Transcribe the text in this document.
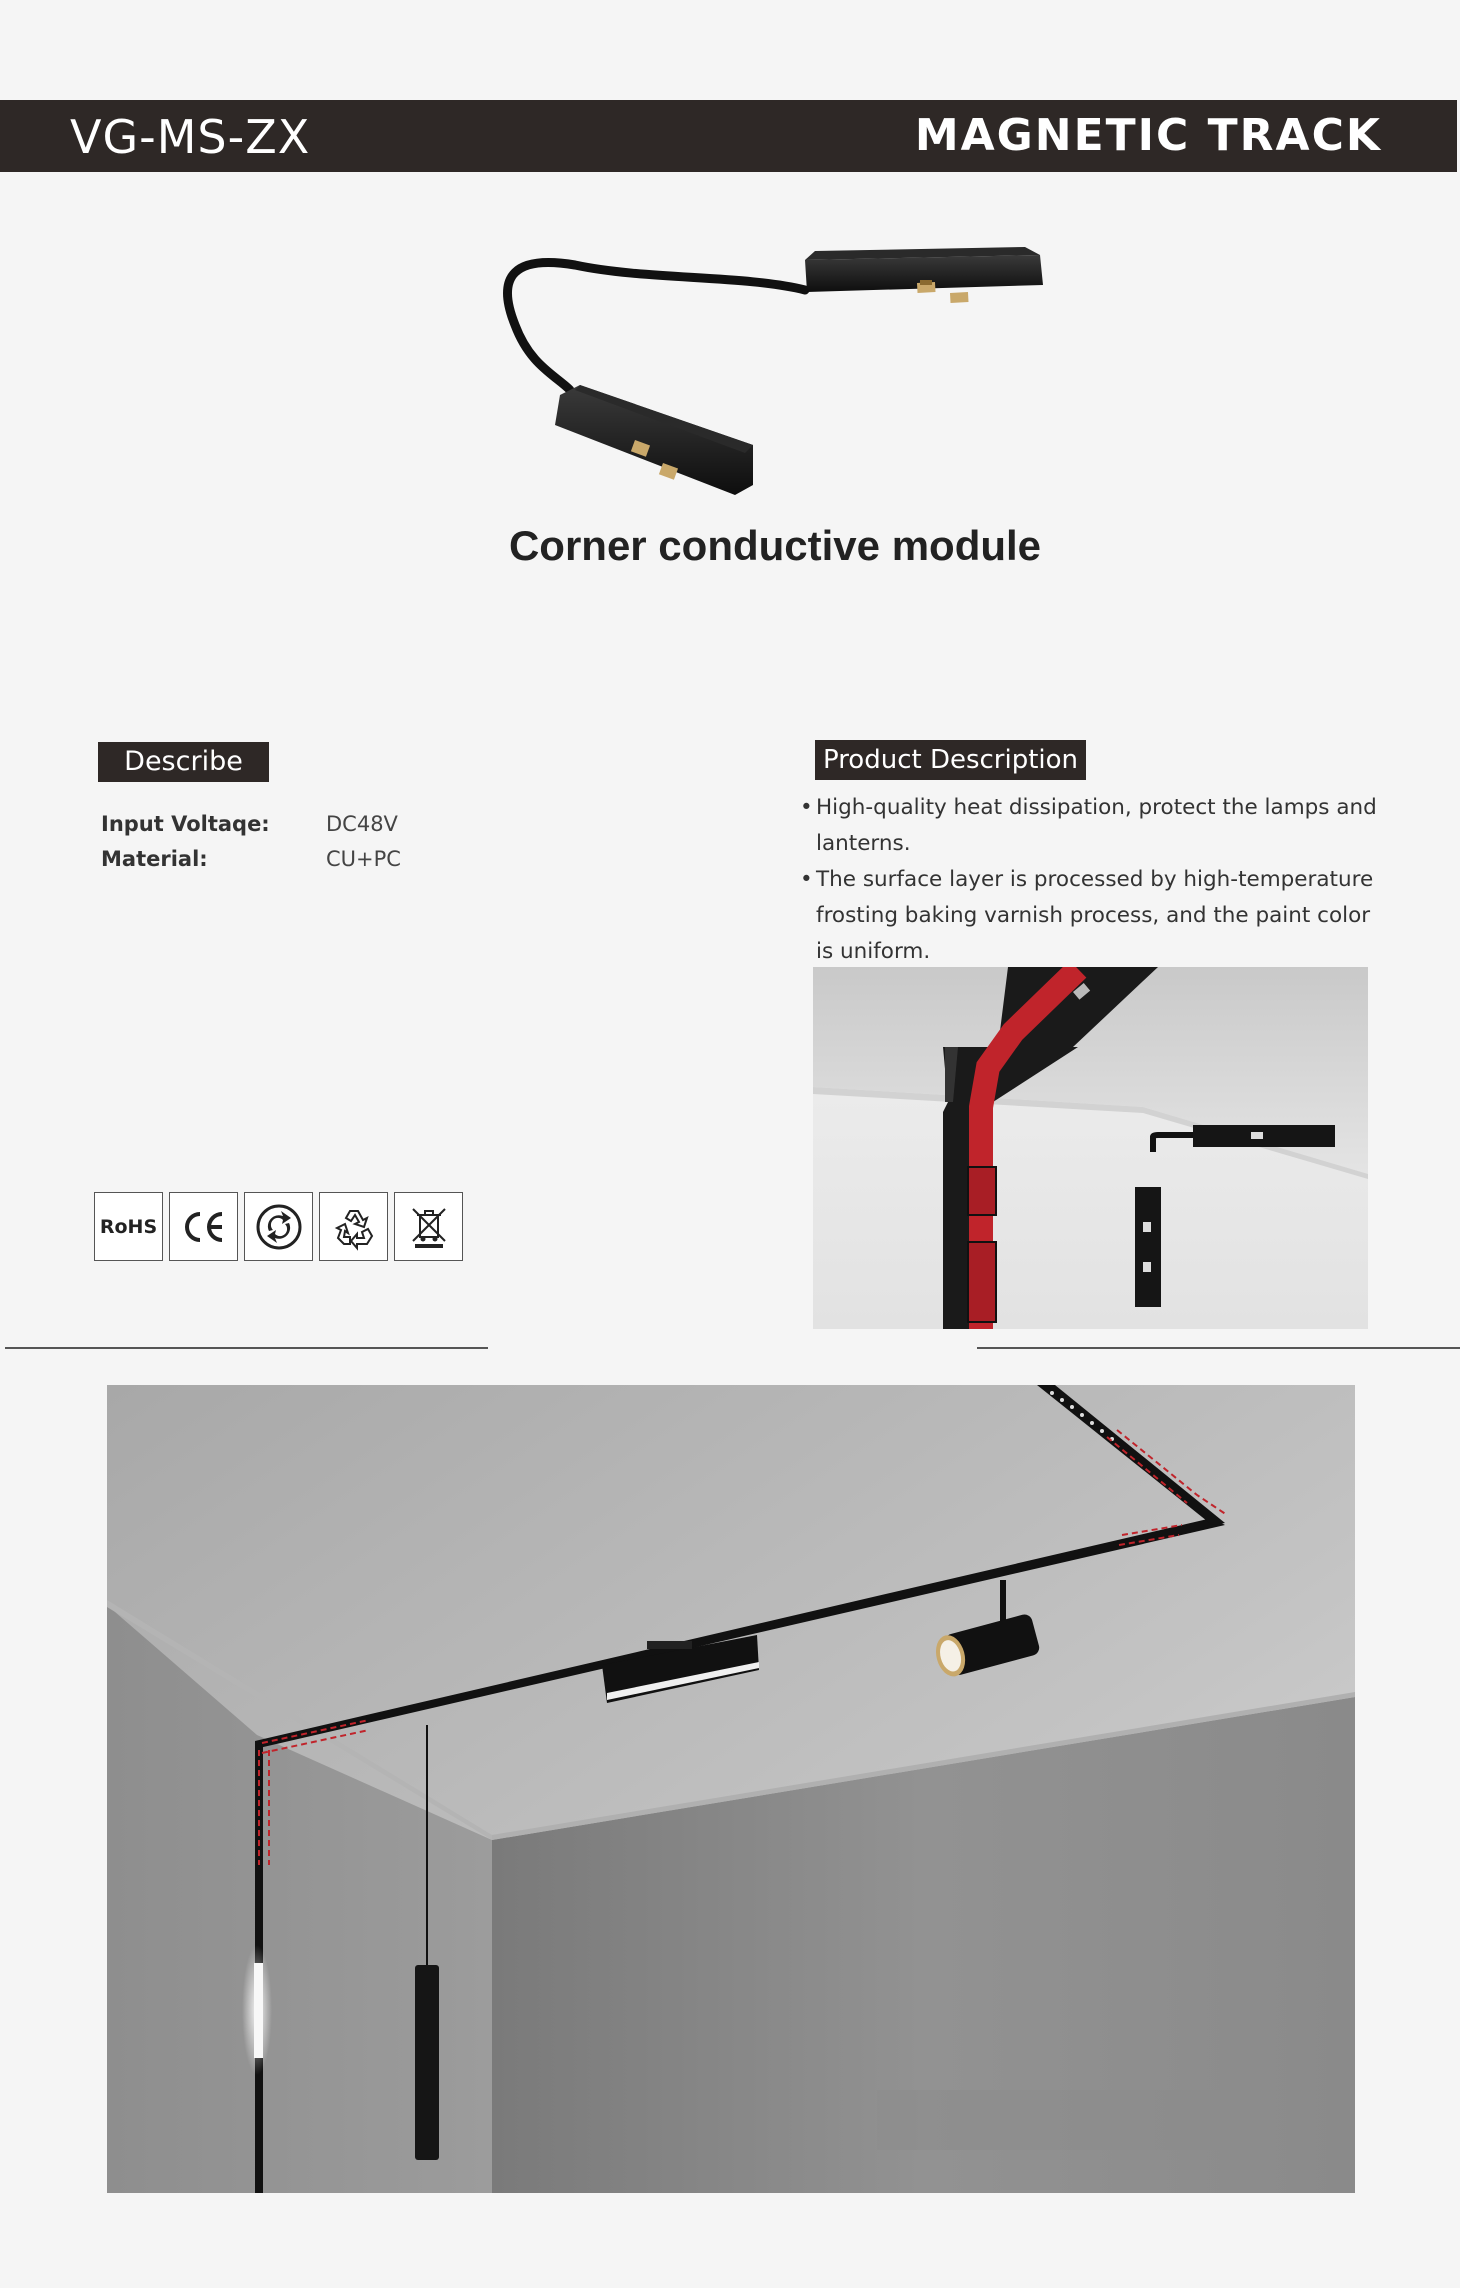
VG-MS-ZX	MAGNETIC TRACK
Corner conductive module
Describe
Input Voltaqe:	DC48V
Material:	CU+PC
Product Description
• High-quality heat dissipation, protect the lamps and lanterns.
• The surface layer is processed by high-temperature frosting baking varnish process, and the paint color is uniform.
RoHS
